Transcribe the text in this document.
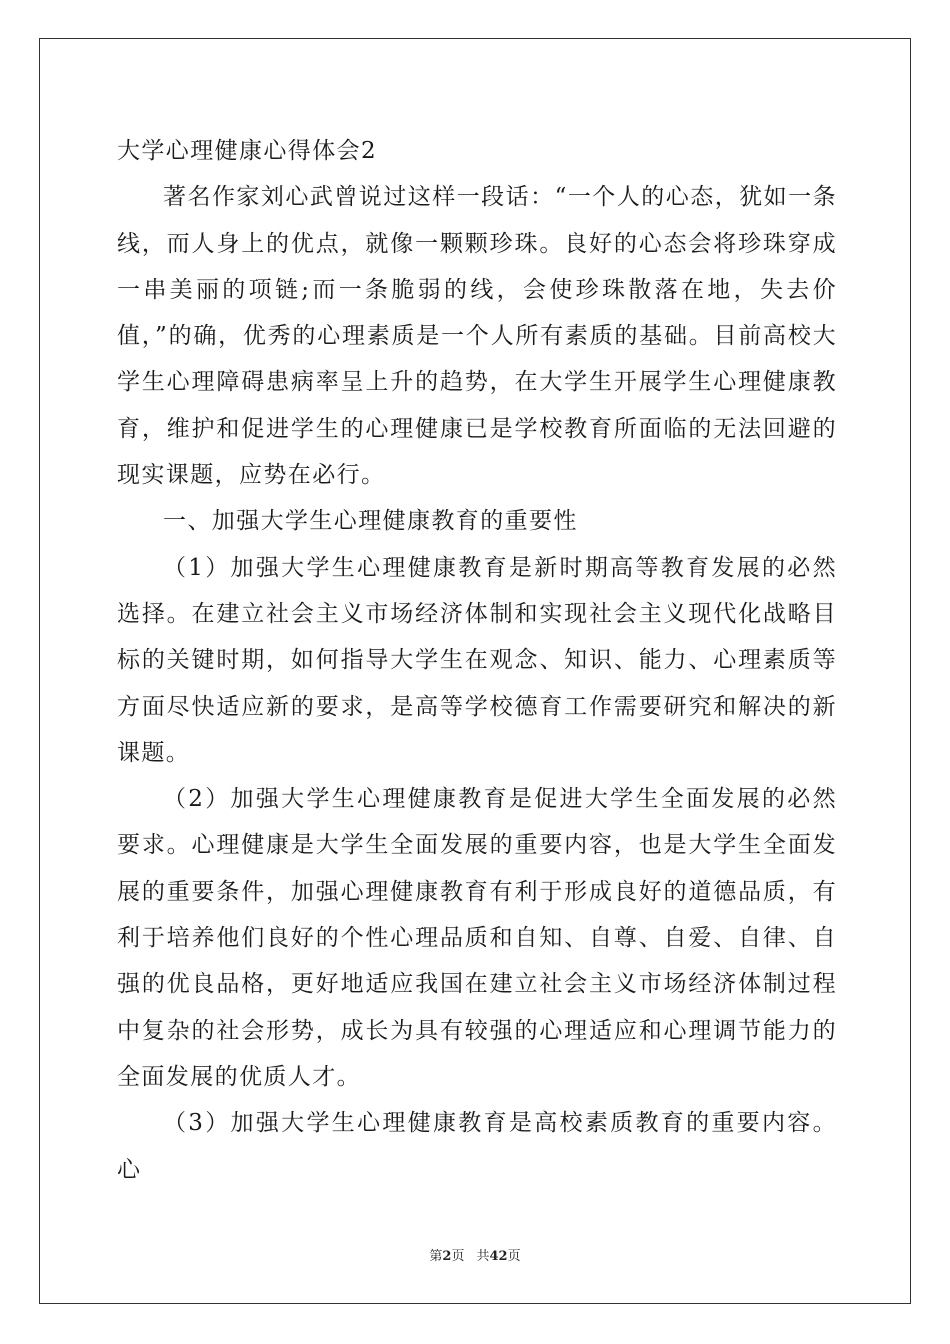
大学心理健康心得体会2

著名作家刘心武曾说过这样一段话：“一个人的心态，犹如一条线，而人身上的优点，就像一颗颗珍珠。良好的心态会将珍珠穿成一串美丽的项链;而一条脆弱的线，会使珍珠散落在地，失去价值，”的确，优秀的心理素质是一个人所有素质的基础。目前高校大学生心理障碍患病率呈上升的趋势，在大学生开展学生心理健康教育，维护和促进学生的心理健康已是学校教育所面临的无法回避的现实课题，应势在必行。

一、加强大学生心理健康教育的重要性

（1）加强大学生心理健康教育是新时期高等教育发展的必然选择。在建立社会主义市场经济体制和实现社会主义现代化战略目标的关键时期，如何指导大学生在观念、知识、能力、心理素质等方面尽快适应新的要求，是高等学校德育工作需要研究和解决的新课题。

（2）加强大学生心理健康教育是促进大学生全面发展的必然要求。心理健康是大学生全面发展的重要内容，也是大学生全面发展的重要条件，加强心理健康教育有利于形成良好的道德品质，有利于培养他们良好的个性心理品质和自知、自尊、自爱、自律、自强的优良品格，更好地适应我国在建立社会主义市场经济体制过程中复杂的社会形势，成长为具有较强的心理适应和心理调节能力的全面发展的优质人才。

（3）加强大学生心理健康教育是高校素质教育的重要内容。心

第2页 共42页
